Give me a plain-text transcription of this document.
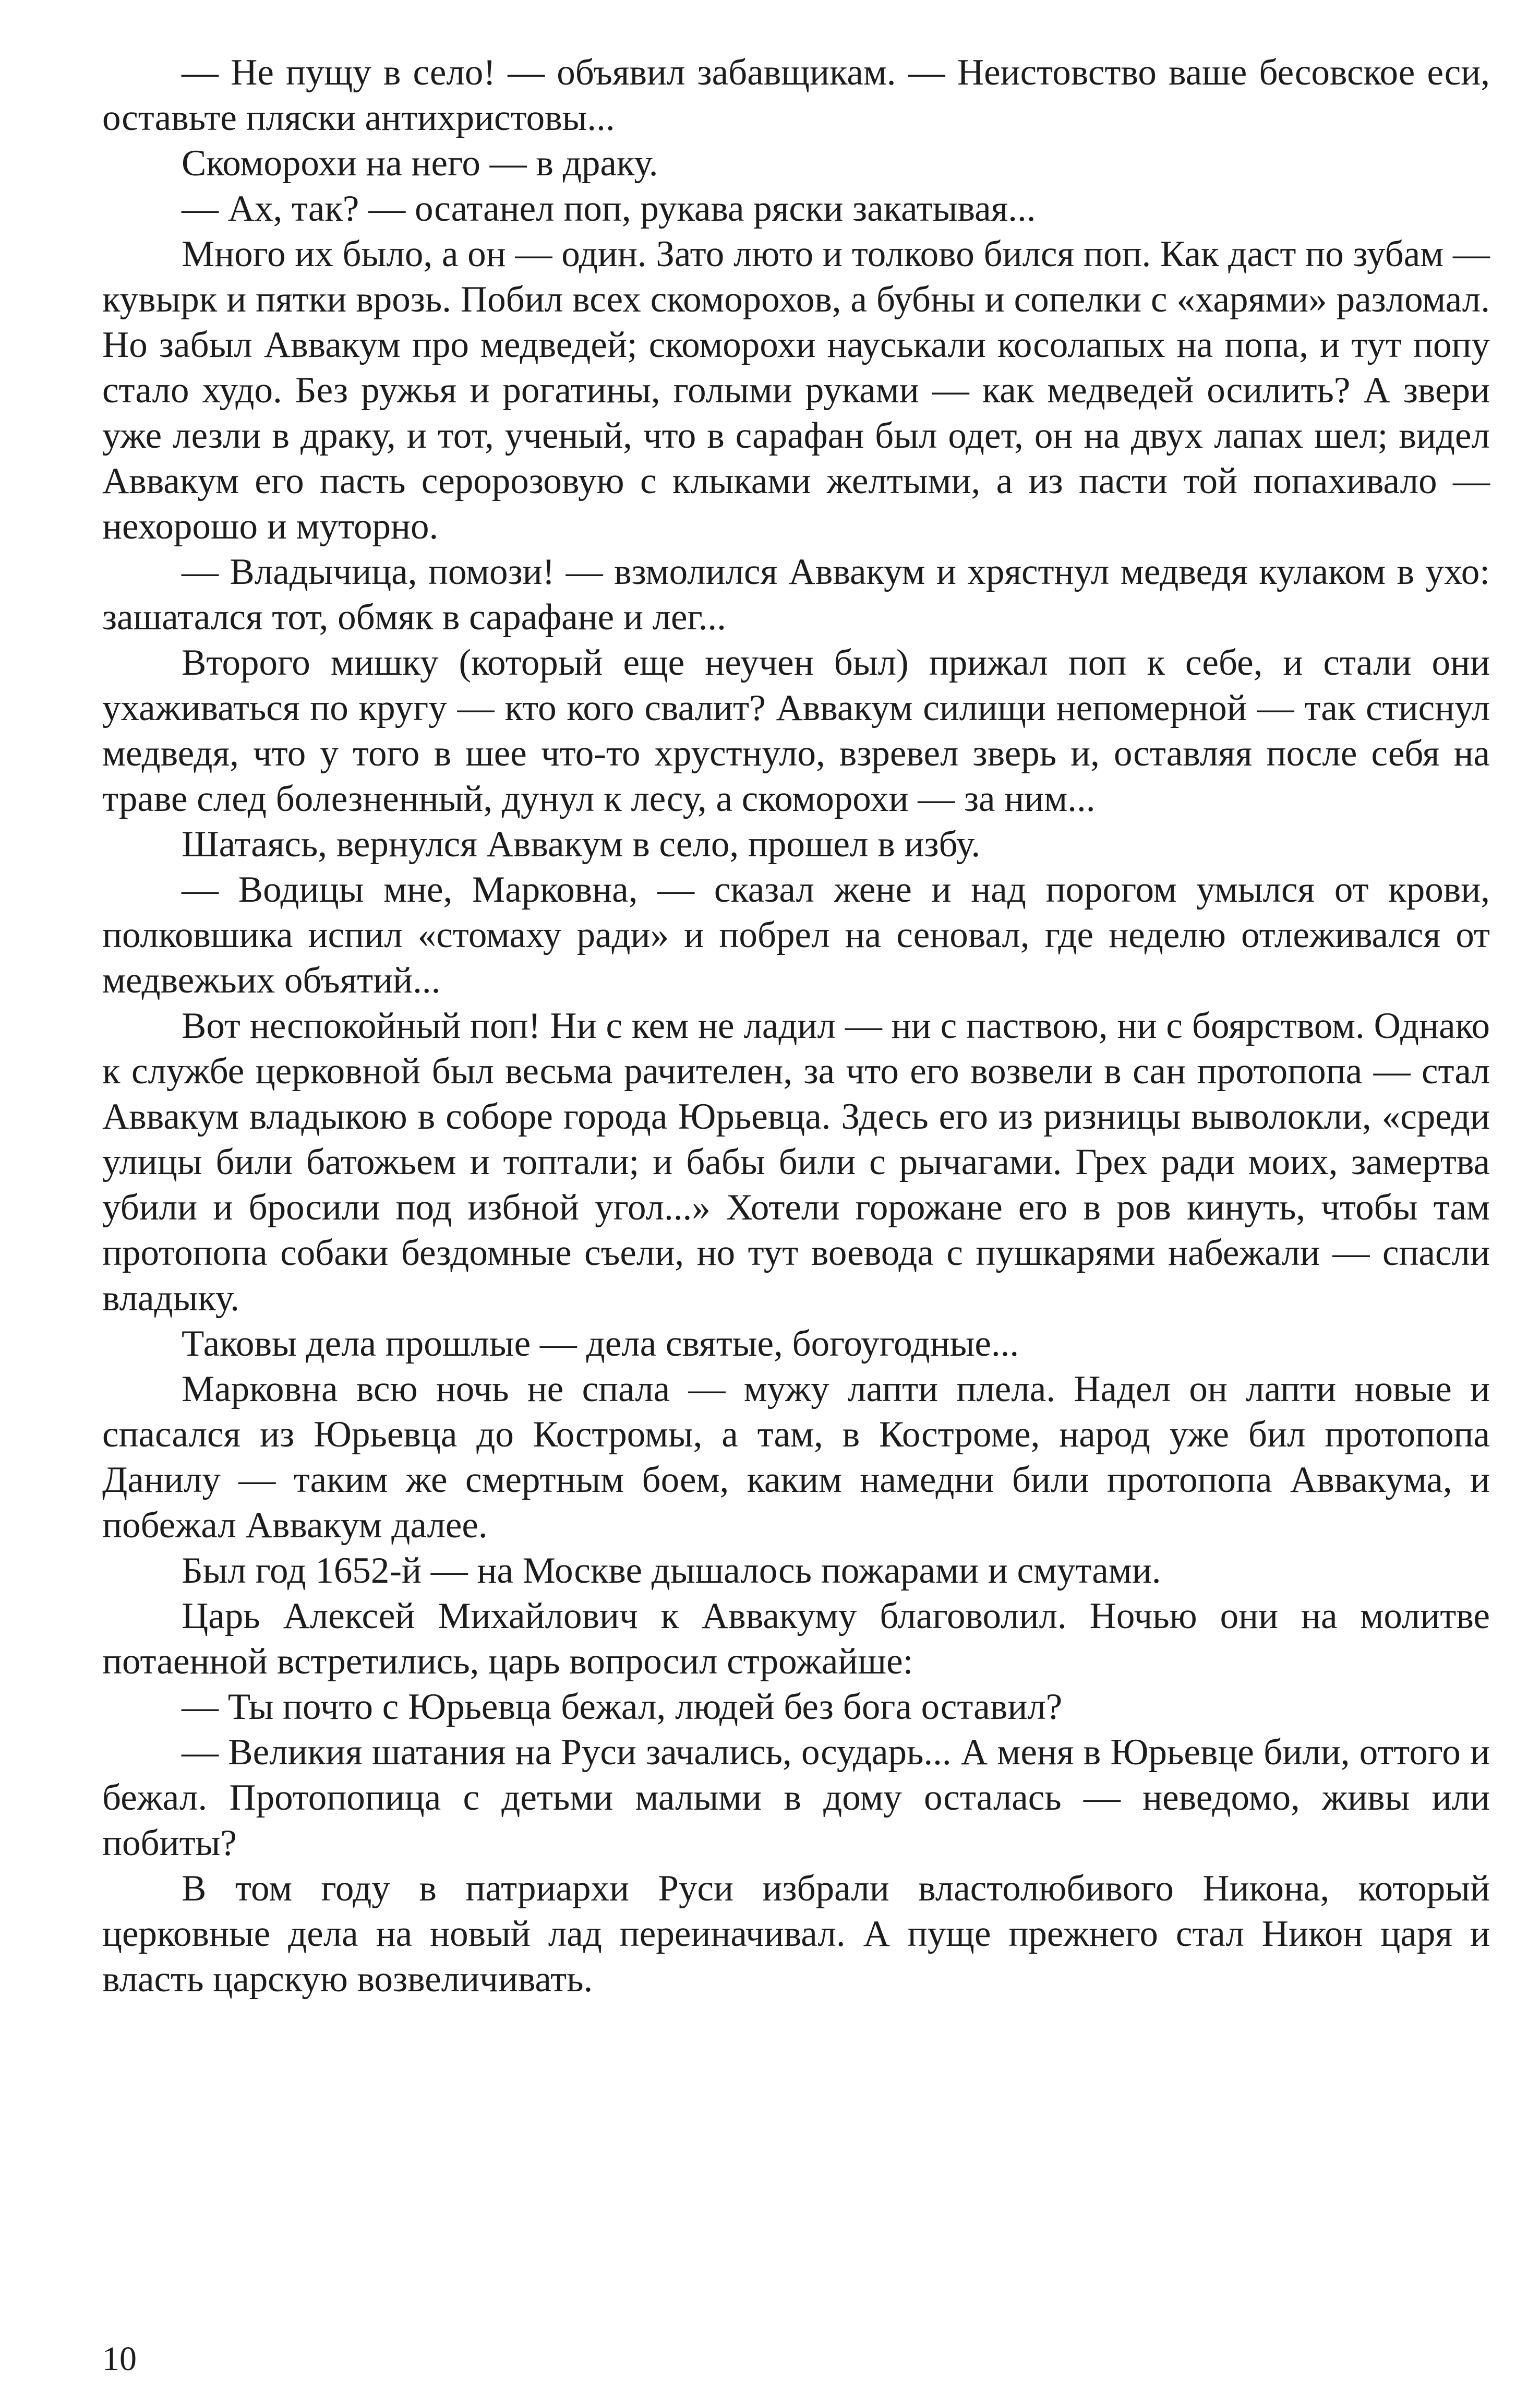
— Не пущу в село! — объявил забавщикам. — Неистовство ваше бесовское еси, оставьте пляски антихристовы...

Скоморохи на него — в драку.

— Ах, так? — осатанел поп, рукава ряски закатывая...

Много их было, а он — один. Зато люто и толково бился поп. Как даст по зубам — кувырк и пятки врозь. Побил всех скоморохов, а бубны и сопелки с «харями» разломал. Но забыл Аввакум про медведей; скоморохи науськали косолапых на попа, и тут попу стало худо. Без ружья и рогатины, голыми руками — как медведей осилить? А звери уже лезли в драку, и тот, ученый, что в сарафан был одет, он на двух лапах шел; видел Аввакум его пасть серорозовую с клыками желтыми, а из пасти той попахивало — нехорошо и муторно.

— Владычица, помози! — взмолился Аввакум и хрястнул медведя кулаком в ухо: зашатался тот, обмяк в сарафане и лег...

Второго мишку (который еще неучен был) прижал поп к себе, и стали они ухаживаться по кругу — кто кого свалит? Аввакум силищи непомерной — так стиснул медведя, что у того в шее что-то хрустнуло, взревел зверь и, оставляя после себя на траве след болезненный, дунул к лесу, а скоморохи — за ним...

Шатаясь, вернулся Аввакум в село, прошел в избу.

— Водицы мне, Марковна, — сказал жене и над порогом умылся от крови, полковшика испил «стомаху ради» и побрел на сеновал, где неделю отлеживался от медвежьих объятий...

Вот неспокойный поп! Ни с кем не ладил — ни с паствою, ни с боярством. Однако к службе церковной был весьма рачителен, за что его возвели в сан протопопа — стал Аввакум владыкою в соборе города Юрьевца. Здесь его из ризницы выволокли, «среди улицы били батожьем и топтали; и бабы били с рычагами. Грех ради моих, замертва убили и бросили под избной угол...» Хотели горожане его в ров кинуть, чтобы там протопопа собаки бездомные съели, но тут воевода с пушкарями набежали — спасли владыку.

Таковы дела прошлые — дела святые, богоугодные...

Марковна всю ночь не спала — мужу лапти плела. Надел он лапти новые и спасался из Юрьевца до Костромы, а там, в Костроме, народ уже бил протопопа Данилу — таким же смертным боем, каким намедни били протопопа Аввакума, и побежал Аввакум далее.

Был год 1652-й — на Москве дышалось пожарами и смутами.

Царь Алексей Михайлович к Аввакуму благоволил. Ночью они на молитве потаенной встретились, царь вопросил строжайше:

— Ты почто с Юрьевца бежал, людей без бога оставил?

— Великия шатания на Руси зачались, осударь... А меня в Юрьевце били, оттого и бежал. Протопопица с детьми малыми в дому осталась — неведомо, живы или побиты?

В том году в патриархи Руси избрали властолюбивого Никона, который церковные дела на новый лад переиначивал. А пуще прежнего стал Никон царя и власть царскую возвеличивать.

10
